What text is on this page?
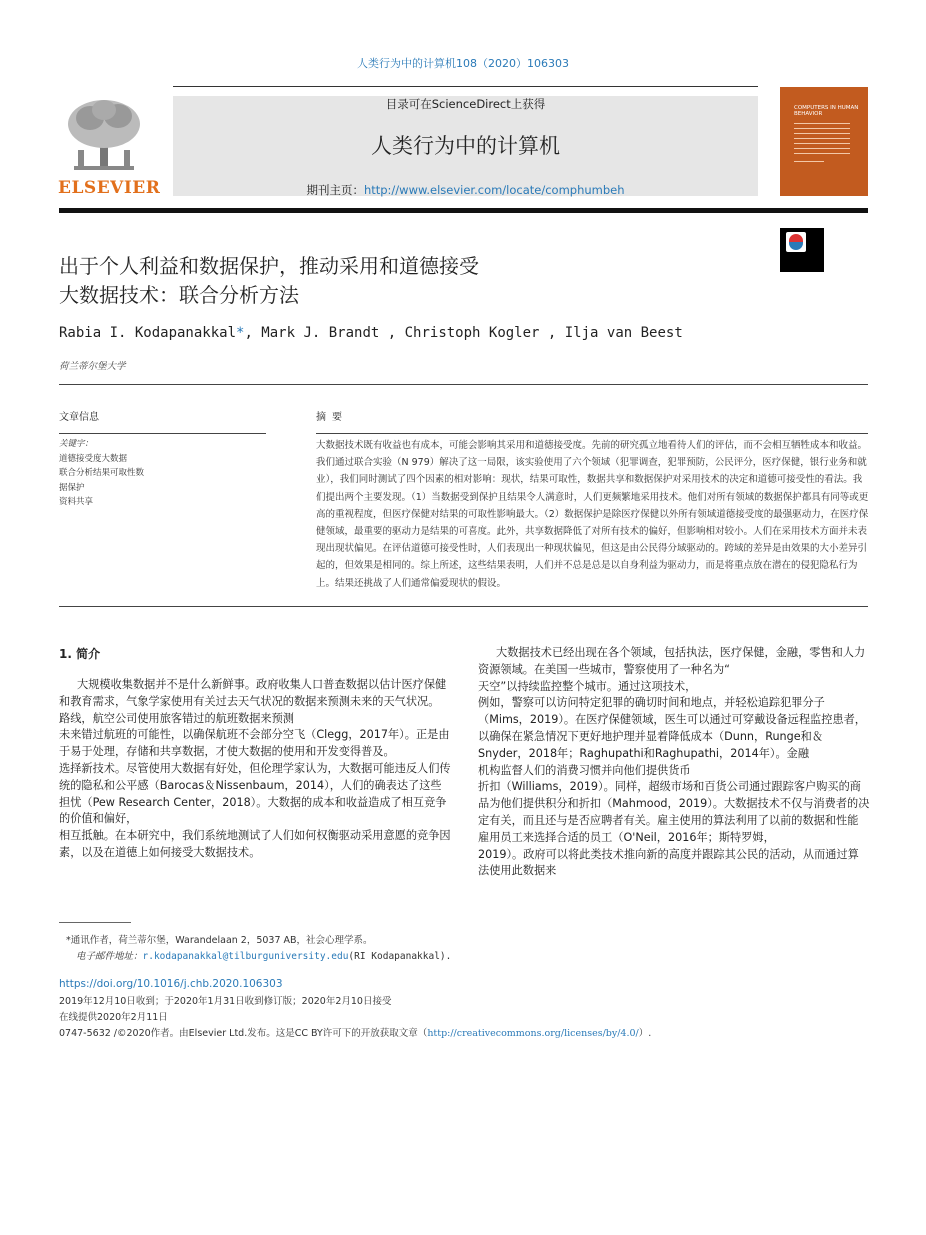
人类行为中的计算机108（2020）106303
ELSEVIER
目录可在ScienceDirect上获得
人类行为中的计算机
期刊主页：http://www.elsevier.com/locate/comphumbeh
COMPUTERS IN HUMAN BEHAVIOR
出于个人利益和数据保护，推动采用和道德接受
大数据技术：联合分析方法
Rabia I. Kodapanakkal*, Mark J. Brandt , Christoph Kogler , Ilja van Beest
荷兰蒂尔堡大学
文章信息	摘要
关键字：
道德接受度大数据
联合分析结果可取性数
据保护
资料共享
大数据技术既有收益也有成本，可能会影响其采用和道德接受度。先前的研究孤立地看待人们的评估，而不会相互牺牲成本和收益。我们通过联合实验（N 979）解决了这一局限，该实验使用了六个领域（犯罪调查，犯罪预防，公民评分，医疗保健，银行业务和就业），我们同时测试了四个因素的相对影响：现状，结果可取性，数据共享和数据保护对采用技术的决定和道德可接受性的看法。我们提出两个主要发现。（1）当数据受到保护且结果令人满意时，人们更频繁地采用技术。他们对所有领域的数据保护都具有同等或更高的重视程度，但医疗保健对结果的可取性影响最大。（2）数据保护是除医疗保健以外所有领域道德接受度的最强驱动力，在医疗保健领域，最重要的驱动力是结果的可喜度。此外，共享数据降低了对所有技术的偏好，但影响相对较小。人们在采用技术方面并未表现出现状偏见。在评估道德可接受性时，人们表现出一种现状偏见，但这是由公民得分域驱动的。跨域的差异是由效果的大小差异引起的，但效果是相同的。综上所述，这些结果表明，人们并不总是总是以自身利益为驱动力，而是将重点放在潜在的侵犯隐私行为上。结果还挑战了人们通常偏爱现状的假设。
1. 简介

大规模收集数据并不是什么新鲜事。政府收集人口普查数据以估计医疗保健和教育需求，气象学家使用有关过去天气状况的数据来预测未来的天气状况。

路线，航空公司使用旅客错过的航班数据来预测

未来错过航班的可能性，以确保航班不会部分空飞（Clegg，2017年）。正是由于易于处理，存储和共享数据，才使大数据的使用和开发变得普及。

选择新技术。尽管使用大数据有好处，但伦理学家认为，大数据可能违反人们传统的隐私和公平感（Barocas＆Nissenbaum，2014），人们的确表达了这些担忧（Pew Research Center，2018）。大数据的成本和收益造成了相互竞争的价值和偏好，

相互抵触。在本研究中，我们系统地测试了人们如何权衡驱动采用意愿的竞争因素，以及在道德上如何接受大数据技术。

大数据技术已经出现在各个领域，包括执法，医疗保健，金融，零售和人力资源领域。在美国一些城市，警察使用了一种名为“

天空”以持续监控整个城市。通过这项技术，

例如，警察可以访问特定犯罪的确切时间和地点，并轻松追踪犯罪分子（Mims，2019）。在医疗保健领域，医生可以通过可穿戴设备远程监控患者，以确保在紧急情况下更好地护理并显着降低成本（Dunn，Runge和＆Snyder，2018年；Raghupathi和Raghupathi，2014年）。金融

机构监督人们的消费习惯并向他们提供货币

折扣（Williams，2019）。同样，超级市场和百货公司通过跟踪客户购买的商品为他们提供积分和折扣（Mahmood，2019）。大数据技术不仅与消费者的决定有关，而且还与是否应聘者有关。雇主使用的算法利用了以前的数据和性能

雇用员工来选择合适的员工（O'Neil，2016年；斯特罗姆，

2019）。政府可以将此类技术推向新的高度并跟踪其公民的活动，从而通过算法使用此数据来

*通讯作者，荷兰蒂尔堡，Warandelaan 2，5037 AB，社会心理学系。
电子邮件地址：r.kodapanakkal@tilburguniversity.edu(RI Kodapanakkal).
https://doi.org/10.1016/j.chb.2020.106303
2019年12月10日收到；于2020年1月31日收到修订版；2020年2月10日接受
在线提供2020年2月11日
0747-5632 /©2020作者。由Elsevier Ltd.发布。这是CC BY许可下的开放获取文章（http://creativecommons.org/licenses/by/4.0/）.
